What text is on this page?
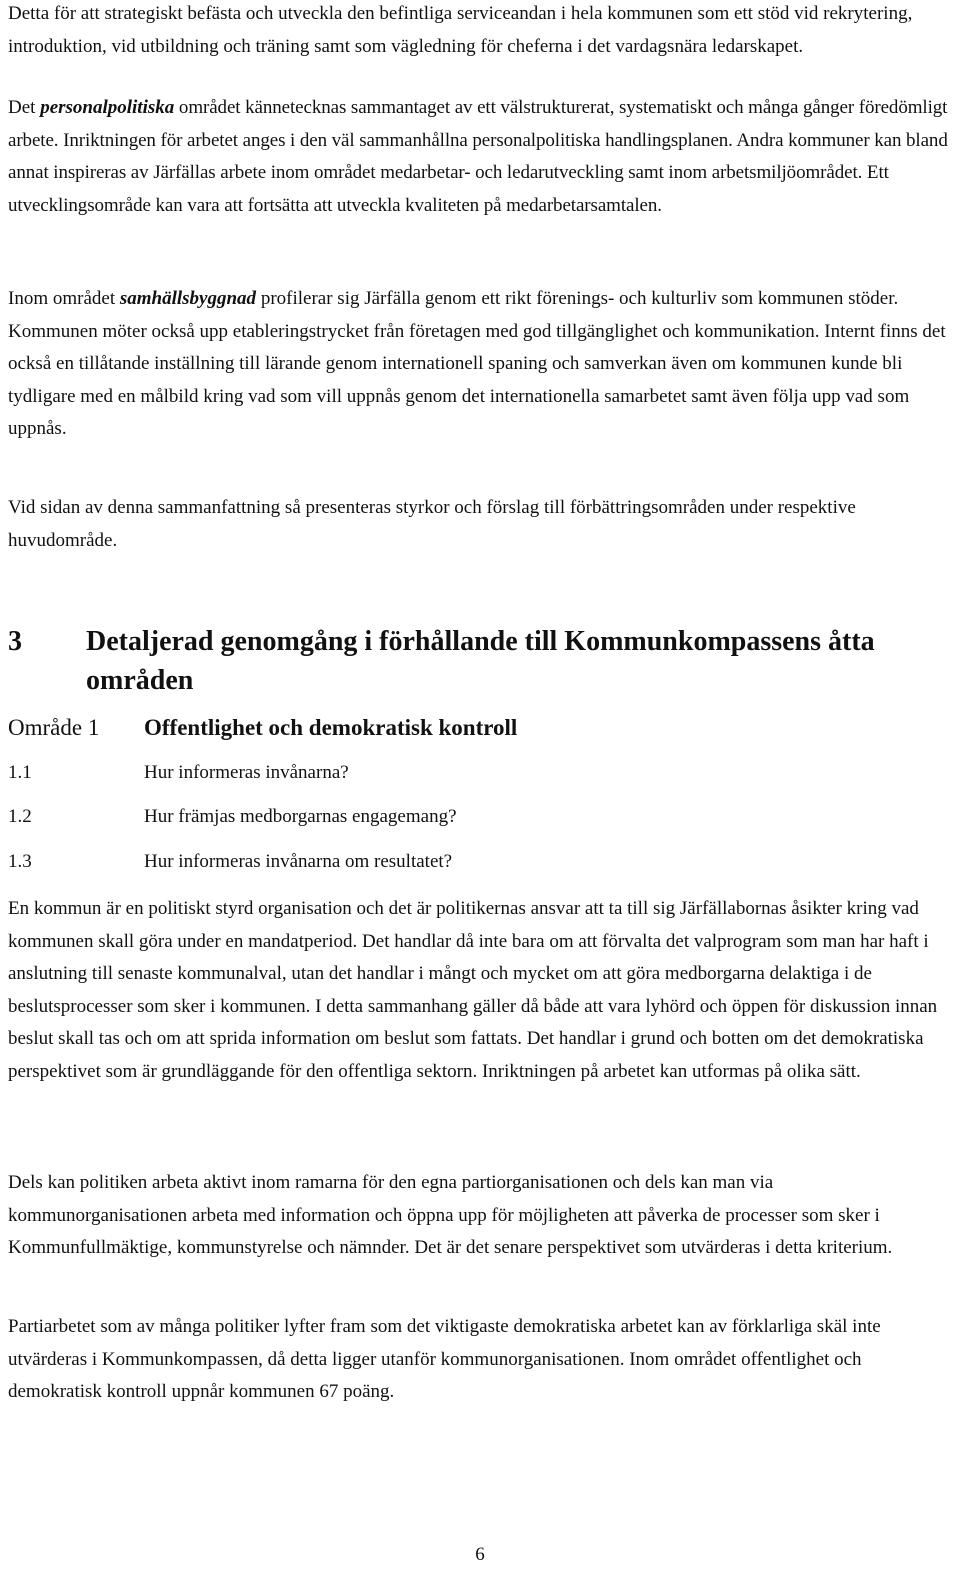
Detta för att strategiskt befästa och utveckla den befintliga serviceandan i hela kommunen som ett stöd vid rekrytering, introduktion, vid utbildning och träning samt som vägledning för cheferna i det vardagsnära ledarskapet.

Det personalpolitiska området kännetecknas sammantaget av ett välstrukturerat, systematiskt och många gånger föredömligt arbete. Inriktningen för arbetet anges i den väl sammanhållna personalpolitiska handlingsplanen. Andra kommuner kan bland annat inspireras av Järfällas arbete inom området medarbetar- och ledarutveckling samt inom arbetsmiljöområdet. Ett utvecklingsområde kan vara att fortsätta att utveckla kvaliteten på medarbetarsamtalen.

Inom området samhällsbyggnad profilerar sig Järfälla genom ett rikt förenings- och kulturliv som kommunen stöder. Kommunen möter också upp etableringstrycket från företagen med god tillgänglighet och kommunikation. Internt finns det också en tillåtande inställning till lärande genom internationell spaning och samverkan även om kommunen kunde bli tydligare med en målbild kring vad som vill uppnås genom det internationella samarbetet samt även följa upp vad som uppnås.

Vid sidan av denna sammanfattning så presenteras styrkor och förslag till förbättringsområden under respektive huvudområde.

3	Detaljerad genomgång i förhållande till Kommunkompassens åtta områden
Område 1	Offentlighet och demokratisk kontroll
1.1	Hur informeras invånarna?
1.2	Hur främjas medborgarnas engagemang?
1.3	Hur informeras invånarna om resultatet?

En kommun är en politiskt styrd organisation och det är politikernas ansvar att ta till sig Järfällabornas åsikter kring vad kommunen skall göra under en mandatperiod. Det handlar då inte bara om att förvalta det valprogram som man har haft i anslutning till senaste kommunalval, utan det handlar i mångt och mycket om att göra medborgarna delaktiga i de beslutsprocesser som sker i kommunen. I detta sammanhang gäller då både att vara lyhörd och öppen för diskussion innan beslut skall tas och om att sprida information om beslut som fattats. Det handlar i grund och botten om det demokratiska perspektivet som är grundläggande för den offentliga sektorn. Inriktningen på arbetet kan utformas på olika sätt.

Dels kan politiken arbeta aktivt inom ramarna för den egna partiorganisationen och dels kan man via kommunorganisationen arbeta med information och öppna upp för möjligheten att påverka de processer som sker i Kommunfullmäktige, kommunstyrelse och nämnder. Det är det senare perspektivet som utvärderas i detta kriterium.

Partiarbetet som av många politiker lyfter fram som det viktigaste demokratiska arbetet kan av förklarliga skäl inte utvärderas i Kommunkompassen, då detta ligger utanför kommunorganisationen. Inom området offentlighet och demokratisk kontroll uppnår kommunen 67 poäng.

6
